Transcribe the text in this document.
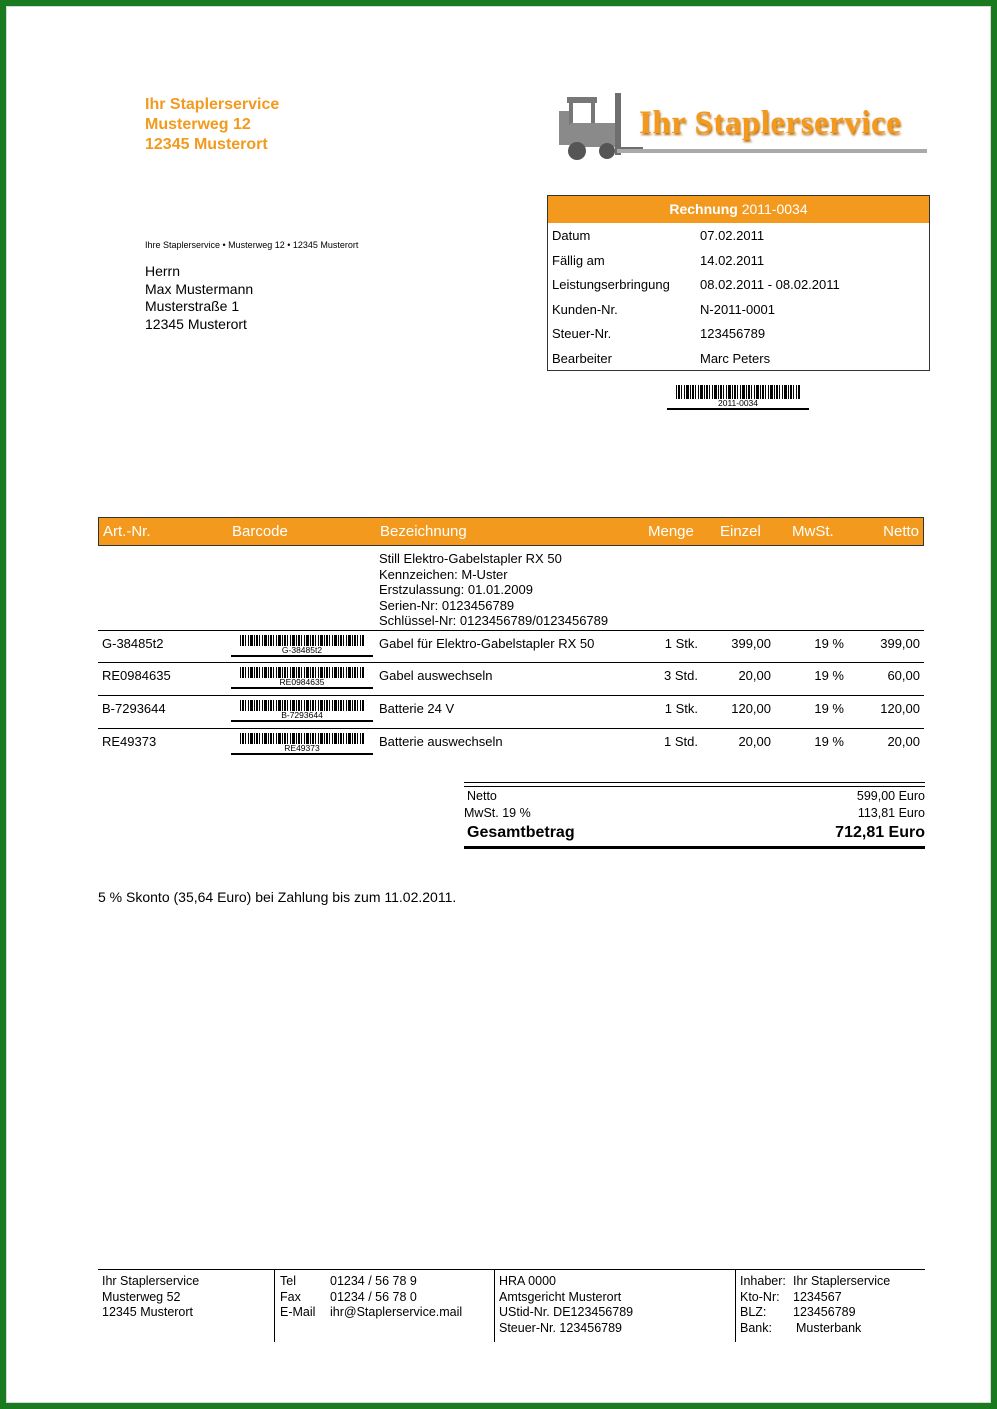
Ihr Staplerservice
Musterweg 12
12345 Musterort
Ihr Staplerservice
Ihre Staplerservice • Musterweg 12 • 12345 Musterort
Herrn
Max Mustermann
Musterstraße 1
12345 Musterort
Rechnung 2011-0034
Datum	07.02.2011
Fällig am	14.02.2011
Leistungserbringung 08.02.2011 - 08.02.2011
Kunden-Nr.	N-2011-0001
Steuer-Nr.	123456789
Bearbeiter	Marc Peters
2011-0034
Art.-Nr.	Barcode	Bezeichnung	Menge Einzel MwSt.	Netto
Still Elektro-Gabelstapler RX 50
Kennzeichen: M-Uster
Erstzulassung: 01.01.2009
Serien-Nr: 0123456789
Schlüssel-Nr: 0123456789/0123456789
G-38485t2	G-38485t2	Gabel für Elektro-Gabelstapler RX 50	1 Stk.	399,00	19 %	399,00
RE0984635	RE0984635	Gabel auswechseln	3 Std.	20,00	19 %	60,00
B-7293644	B-7293644	Batterie 24 V	1 Stk.	120,00	19 %	120,00
RE49373	RE49373	Batterie auswechseln	1 Std.	20,00	19 %	20,00
Netto	599,00 Euro
MwSt. 19 %	113,81 Euro
Gesamtbetrag	712,81 Euro
5 % Skonto (35,64 Euro) bei Zahlung bis zum 11.02.2011.
Ihr Staplerservice
Musterweg 52
12345 Musterort
Tel	01234 / 56 78 9
Fax 01234 / 56 78 0
E-Mail ihr@Staplerservice.mail
HRA 0000
Amtsgericht Musterort
UStid-Nr. DE123456789
Steuer-Nr. 123456789
Inhaber: Ihr Staplerservice
Kto-Nr: 1234567
BLZ: 123456789
Bank: Musterbank
